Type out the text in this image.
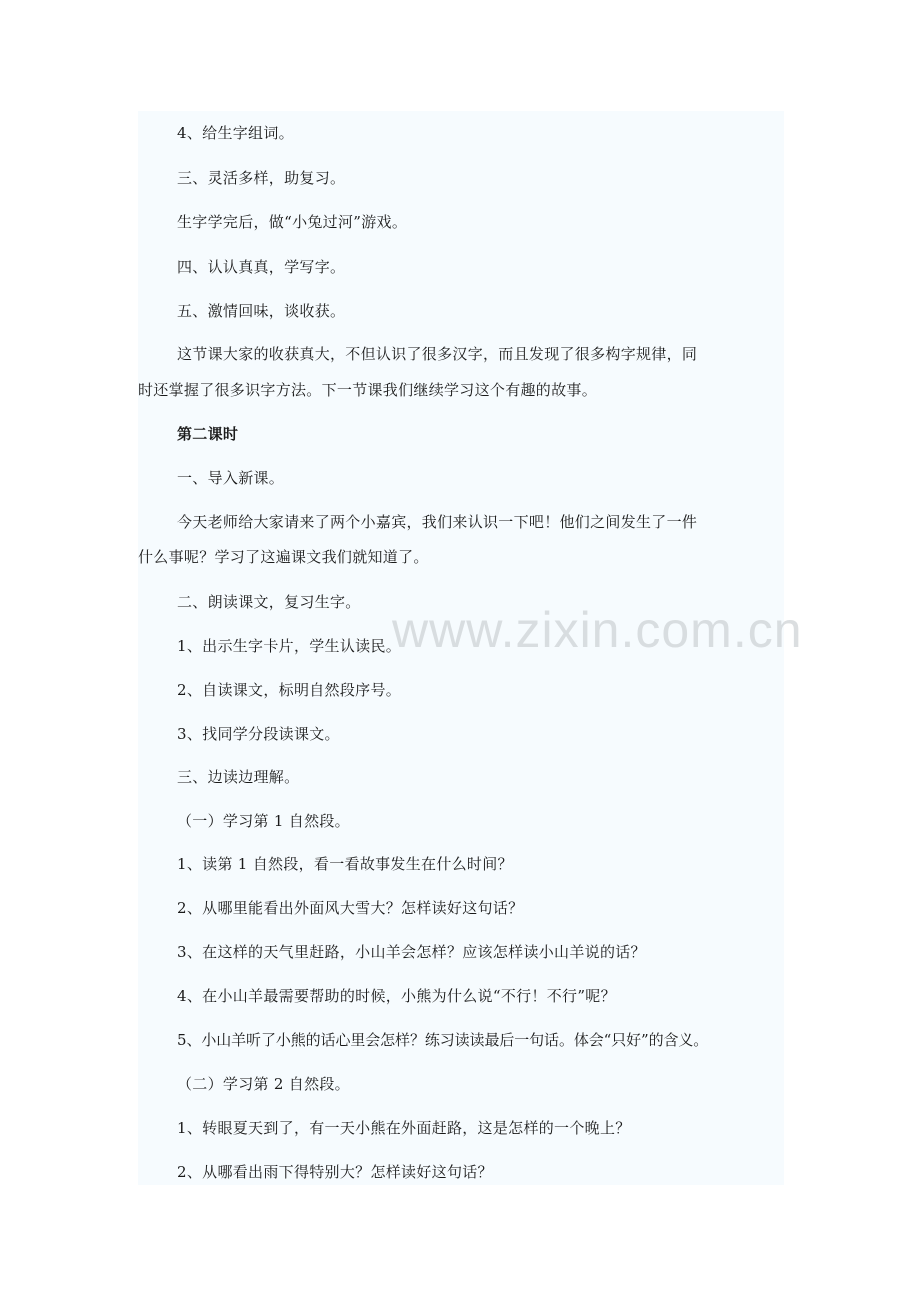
4、给生字组词。

三、灵活多样，助复习。

生字学完后，做“小兔过河”游戏。

四、认认真真，学写字。

五、激情回味，谈收获。

这节课大家的收获真大，不但认识了很多汉字，而且发现了很多构字规律，同

时还掌握了很多识字方法。下一节课我们继续学习这个有趣的故事。

第二课时

一、导入新课。

今天老师给大家请来了两个小嘉宾，我们来认识一下吧！他们之间发生了一件

什么事呢？学习了这遍课文我们就知道了。

二、朗读课文，复习生字。

1、出示生字卡片，学生认读民。

2、自读课文，标明自然段序号。

3、找同学分段读课文。

三、边读边理解。

（一）学习第 1 自然段。

1、读第 1 自然段，看一看故事发生在什么时间？

2、从哪里能看出外面风大雪大？怎样读好这句话？

3、在这样的天气里赶路，小山羊会怎样？应该怎样读小山羊说的话？

4、在小山羊最需要帮助的时候，小熊为什么说“不行！不行”呢？

5、小山羊听了小熊的话心里会怎样？练习读读最后一句话。体会“只好”的含义。

（二）学习第 2 自然段。

1、转眼夏天到了，有一天小熊在外面赶路，这是怎样的一个晚上？

2、从哪看出雨下得特别大？怎样读好这句话？

www.zixin.com.cn
